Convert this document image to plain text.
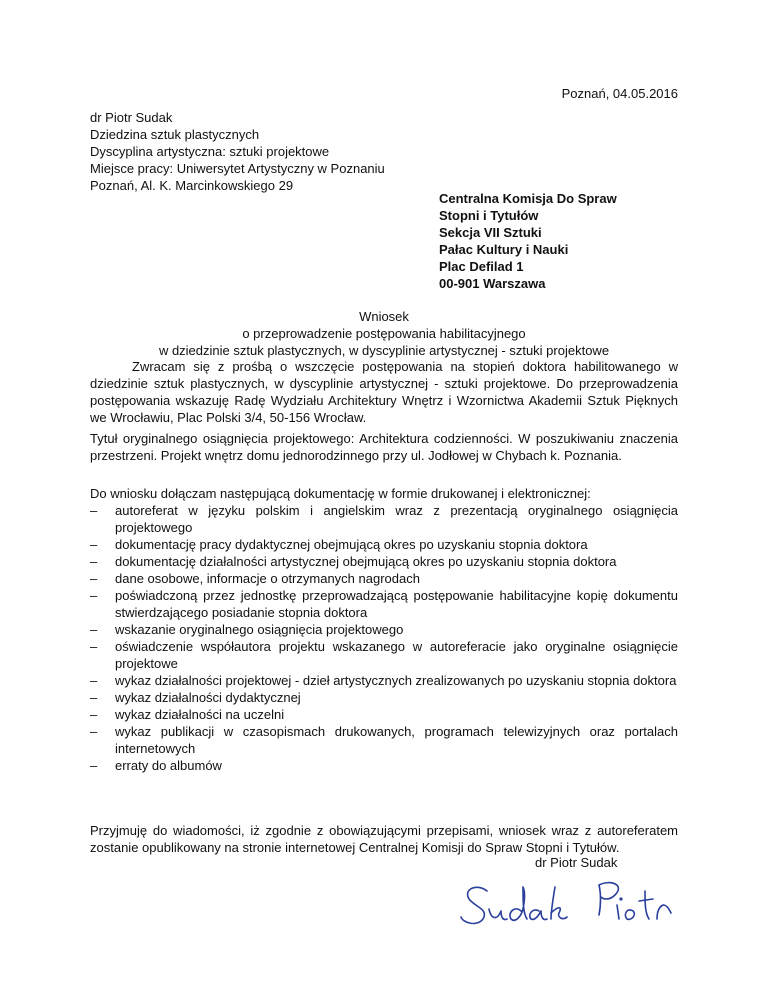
Poznań, 04.05.2016
dr Piotr Sudak
Dziedzina sztuk plastycznych
Dyscyplina artystyczna: sztuki projektowe
Miejsce pracy: Uniwersytet Artystyczny w Poznaniu
Poznań, Al. K. Marcinkowskiego 29
Centralna Komisja Do Spraw
Stopni i Tytułów
Sekcja VII Sztuki
Pałac Kultury i Nauki
Plac Defilad 1
00-901 Warszawa
Wniosek
o przeprowadzenie postępowania habilitacyjnego
w dziedzinie sztuk plastycznych, w dyscyplinie artystycznej - sztuki projektowe
Zwracam się z prośbą o wszczęcie postępowania na stopień doktora habilitowanego w dziedzinie sztuk plastycznych, w dyscyplinie artystycznej - sztuki projektowe. Do przeprowadzenia postępowania wskazuję Radę Wydziału Architektury Wnętrz i Wzornictwa Akademii Sztuk Pięknych we Wrocławiu, Plac Polski 3/4, 50-156 Wrocław.
Tytuł oryginalnego osiągnięcia projektowego: Architektura codzienności. W poszukiwaniu znaczenia przestrzeni. Projekt wnętrz domu jednorodzinnego przy ul. Jodłowej w Chybach k. Poznania.
Do wniosku dołączam następującą dokumentację w formie drukowanej i elektronicznej:
– autoreferat w języku polskim i angielskim wraz z prezentacją oryginalnego osiągnięcia projektowego
– dokumentację pracy dydaktycznej obejmującą okres po uzyskaniu stopnia doktora
– dokumentację działalności artystycznej obejmującą okres po uzyskaniu stopnia doktora
– dane osobowe, informacje o otrzymanych nagrodach
– poświadczoną przez jednostkę przeprowadzającą postępowanie habilitacyjne kopię dokumentu stwierdzającego posiadanie stopnia doktora
– wskazanie oryginalnego osiągnięcia projektowego
– oświadczenie współautora projektu wskazanego w autoreferacie jako oryginalne osiągnięcie projektowe
– wykaz działalności projektowej - dzieł artystycznych zrealizowanych po uzyskaniu stopnia doktora
– wykaz działalności dydaktycznej
– wykaz działalności na uczelni
– wykaz publikacji w czasopismach drukowanych, programach telewizyjnych oraz portalach internetowych
– erraty do albumów
Przyjmuję do wiadomości, iż zgodnie z obowiązującymi przepisami, wniosek wraz z autoreferatem zostanie opublikowany na stronie internetowej Centralnej Komisji do Spraw Stopni i Tytułów.
dr Piotr Sudak
